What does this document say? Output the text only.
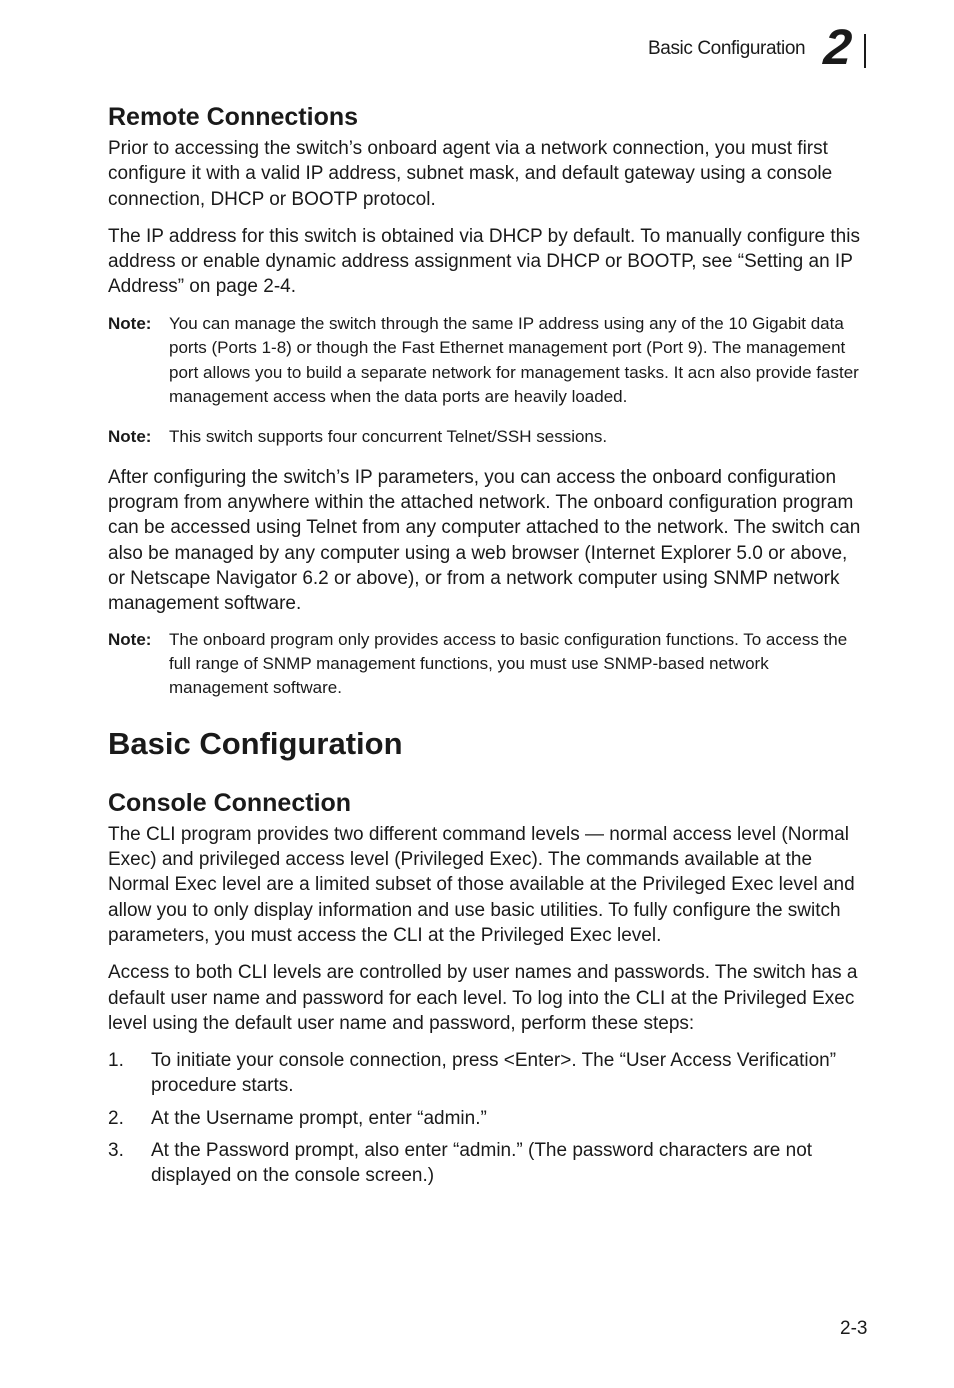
Basic Configuration 2
Remote Connections

Prior to accessing the switch’s onboard agent via a network connection, you must first configure it with a valid IP address, subnet mask, and default gateway using a console connection, DHCP or BOOTP protocol.

The IP address for this switch is obtained via DHCP by default. To manually configure this address or enable dynamic address assignment via DHCP or BOOTP, see “Setting an IP Address” on page 2-4.

Note:	You can manage the switch through the same IP address using any of the 10 Gigabit data ports (Ports 1-8) or though the Fast Ethernet management port (Port 9). The management port allows you to build a separate network for management tasks. It acn also provide faster management access when the data ports are heavily loaded.
Note:	This switch supports four concurrent Telnet/SSH sessions.

After configuring the switch’s IP parameters, you can access the onboard configuration program from anywhere within the attached network. The onboard configuration program can be accessed using Telnet from any computer attached to the network. The switch can also be managed by any computer using a web browser (Internet Explorer 5.0 or above, or Netscape Navigator 6.2 or above), or from a network computer using SNMP network management software.

Note:	The onboard program only provides access to basic configuration functions. To access the full range of SNMP management functions, you must use SNMP-based network management software.
Basic Configuration
Console Connection

The CLI program provides two different command levels — normal access level (Normal Exec) and privileged access level (Privileged Exec). The commands available at the Normal Exec level are a limited subset of those available at the Privileged Exec level and allow you to only display information and use basic utilities. To fully configure the switch parameters, you must access the CLI at the Privileged Exec level.

Access to both CLI levels are controlled by user names and passwords. The switch has a default user name and password for each level. To log into the CLI at the Privileged Exec level using the default user name and password, perform these steps:

1.	To initiate your console connection, press <Enter>. The “User Access Verification” procedure starts.
2.	At the Username prompt, enter “admin.”
3.	At the Password prompt, also enter “admin.” (The password characters are not displayed on the console screen.)
2-3
